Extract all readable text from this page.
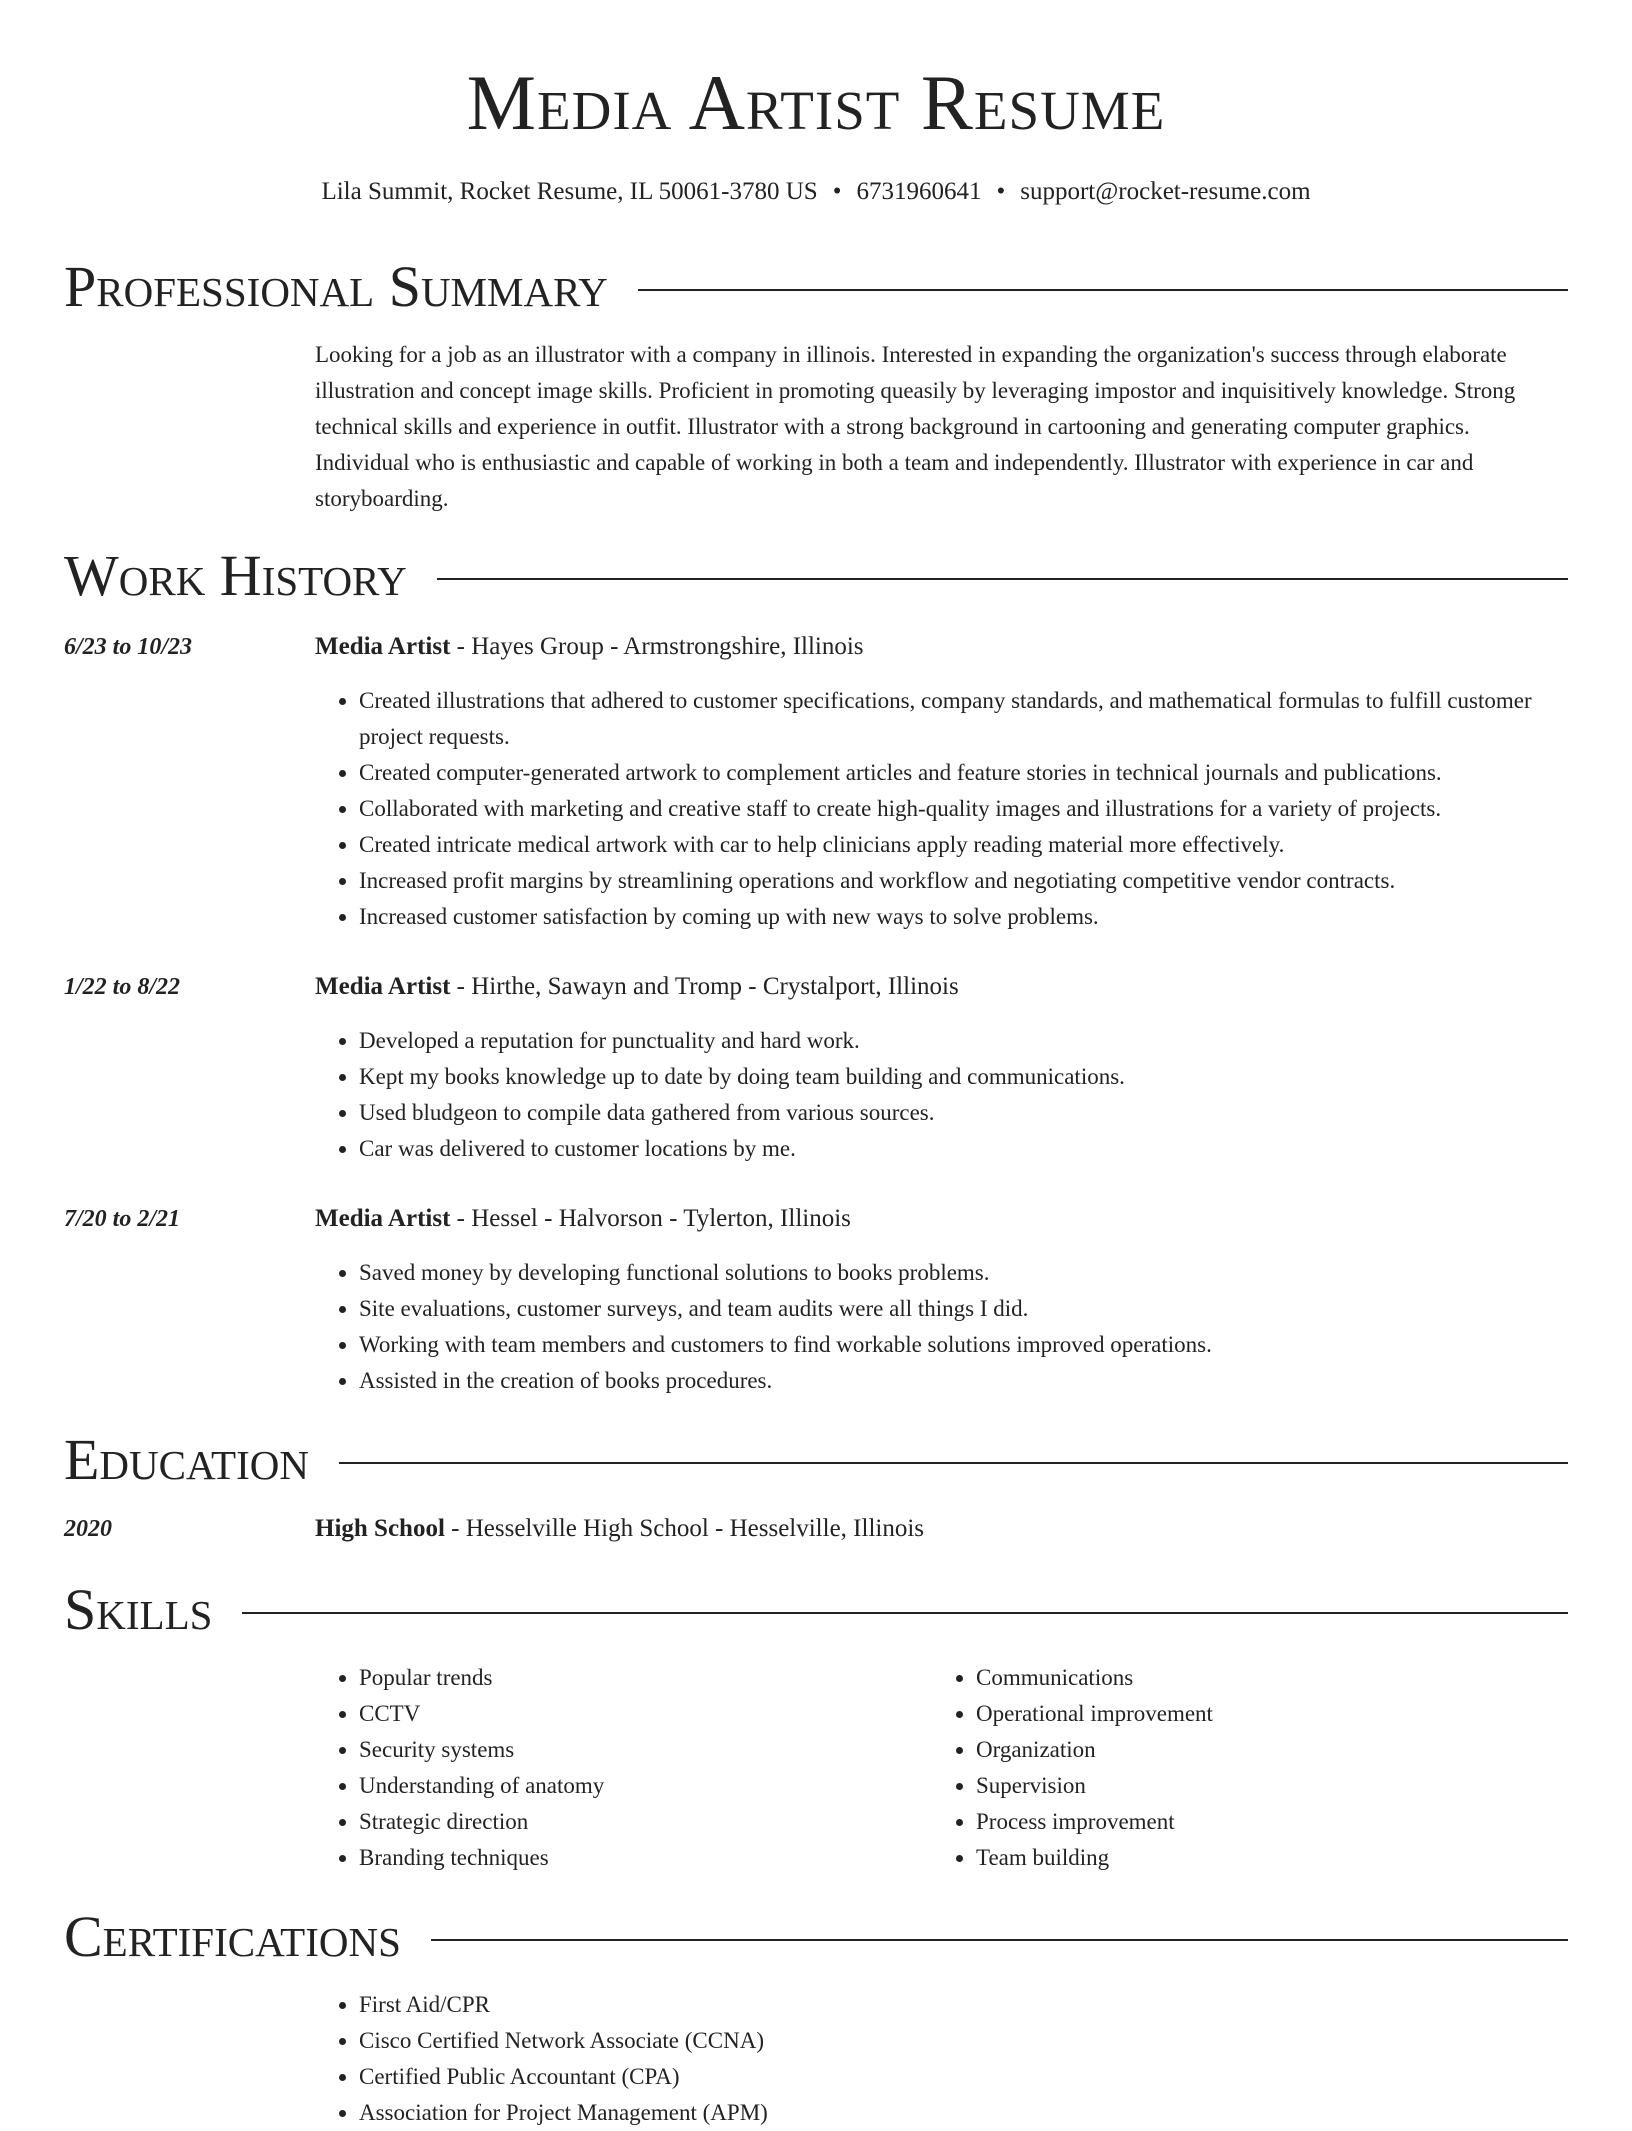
Media Artist Resume
Lila Summit, Rocket Resume, IL 50061-3780 US • 6731960641 • support@rocket-resume.com
Professional Summary
Looking for a job as an illustrator with a company in illinois. Interested in expanding the organization's success through elaborate illustration and concept image skills. Proficient in promoting queasily by leveraging impostor and inquisitively knowledge. Strong technical skills and experience in outfit. Illustrator with a strong background in cartooning and generating computer graphics. Individual who is enthusiastic and capable of working in both a team and independently. Illustrator with experience in car and storyboarding.
Work History
6/23 to 10/23	Media Artist - Hayes Group - Armstrongshire, Illinois
• Created illustrations that adhered to customer specifications, company standards, and mathematical formulas to fulfill customer project requests.
• Created computer-generated artwork to complement articles and feature stories in technical journals and publications.
• Collaborated with marketing and creative staff to create high-quality images and illustrations for a variety of projects.
• Created intricate medical artwork with car to help clinicians apply reading material more effectively.
• Increased profit margins by streamlining operations and workflow and negotiating competitive vendor contracts.
• Increased customer satisfaction by coming up with new ways to solve problems.
1/22 to 8/22	Media Artist - Hirthe, Sawayn and Tromp - Crystalport, Illinois
• Developed a reputation for punctuality and hard work.
• Kept my books knowledge up to date by doing team building and communications.
• Used bludgeon to compile data gathered from various sources.
• Car was delivered to customer locations by me.
7/20 to 2/21	Media Artist - Hessel - Halvorson - Tylerton, Illinois
• Saved money by developing functional solutions to books problems.
• Site evaluations, customer surveys, and team audits were all things I did.
• Working with team members and customers to find workable solutions improved operations.
• Assisted in the creation of books procedures.
Education
2020	High School - Hesselville High School - Hesselville, Illinois
Skills
• Popular trends
• CCTV
• Security systems
• Understanding of anatomy
• Strategic direction
• Branding techniques
• Communications
• Operational improvement
• Organization
• Supervision
• Process improvement
• Team building
Certifications
• First Aid/CPR
• Cisco Certified Network Associate (CCNA)
• Certified Public Accountant (CPA)
• Association for Project Management (APM)
